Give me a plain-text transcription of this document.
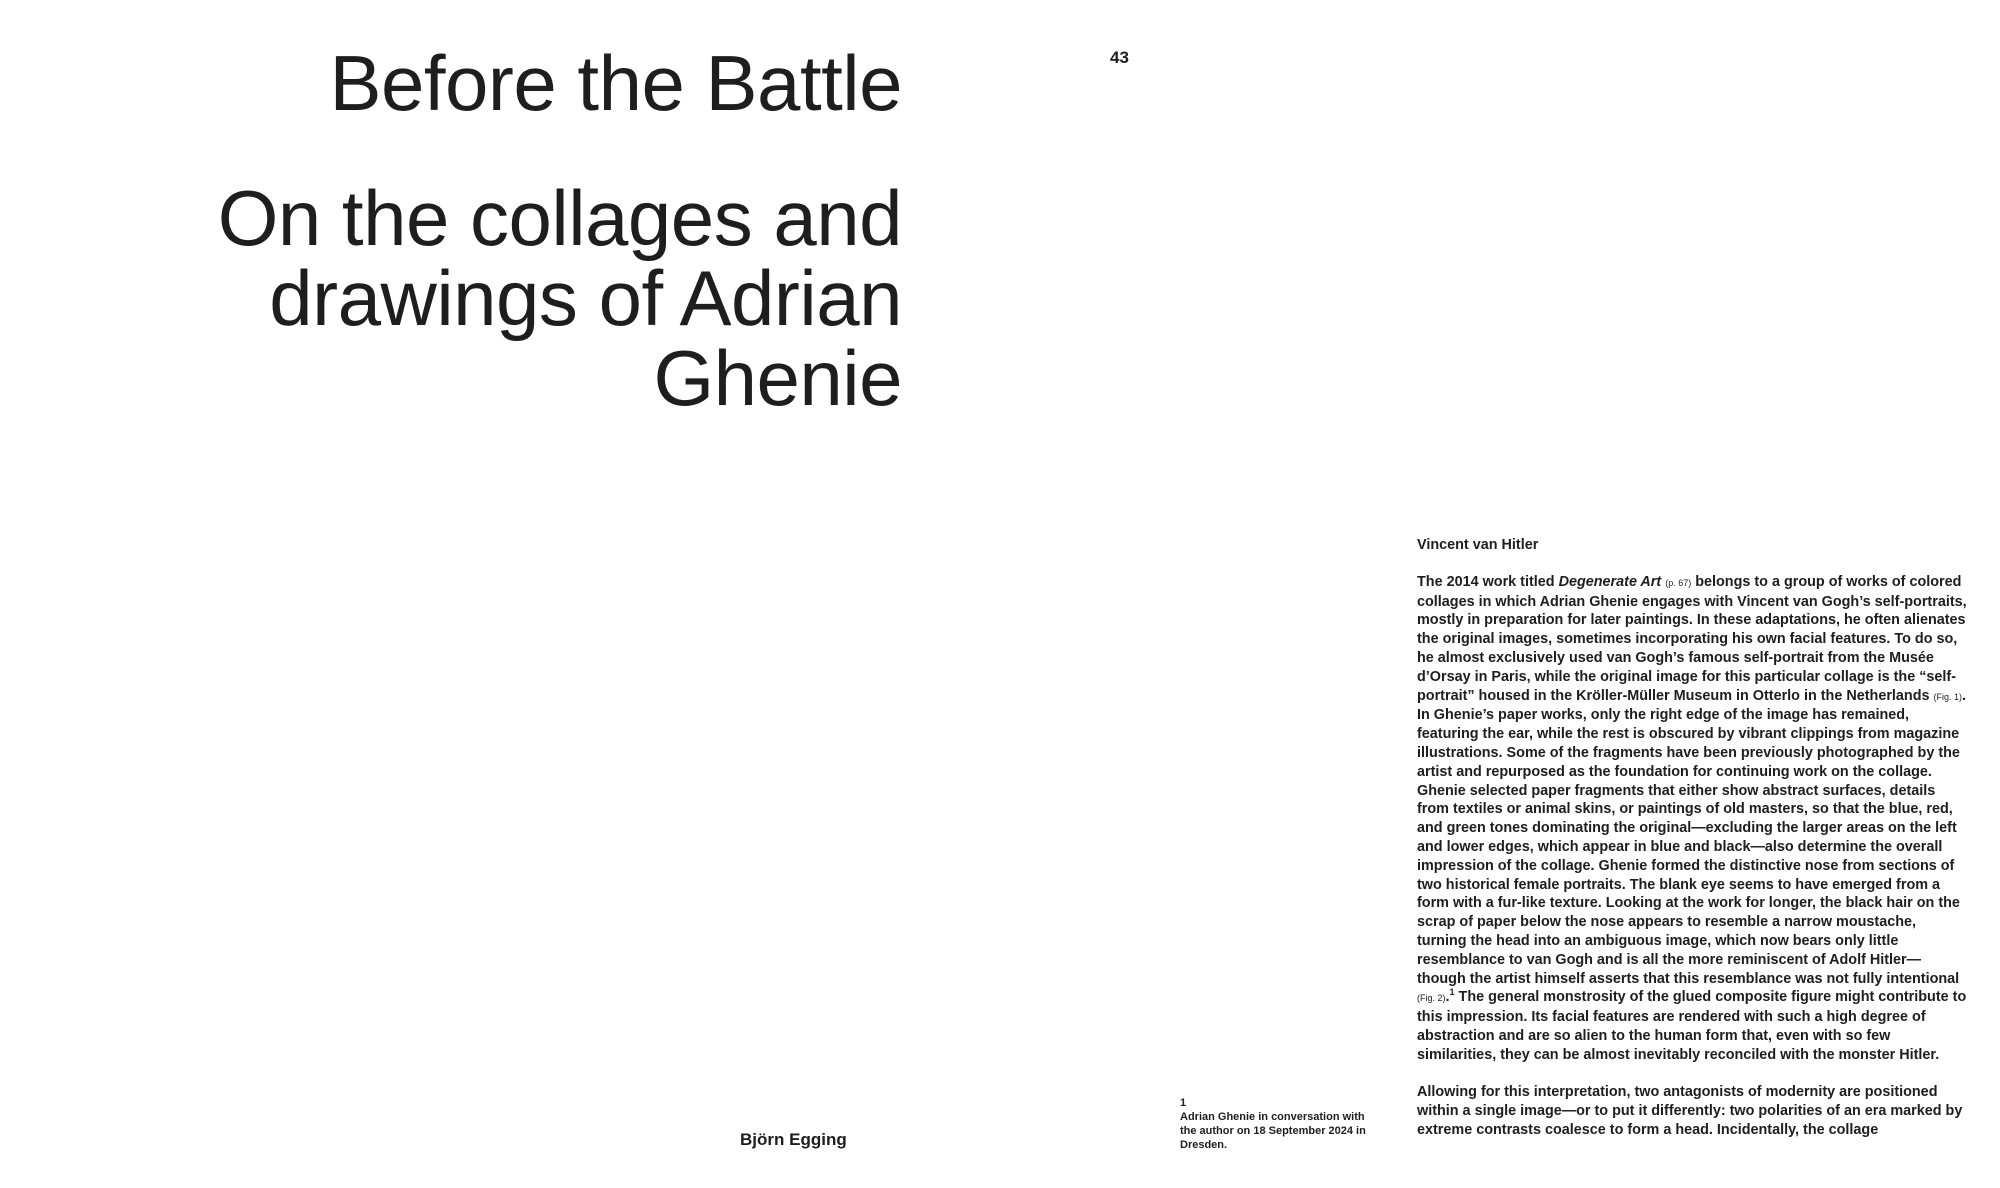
Before the Battle
On the collages and drawings of Adrian Ghenie
Björn Egging
43
1
Adrian Ghenie in conversation with the author on 18 September 2024 in Dresden.
Vincent van Hitler

The 2014 work titled Degenerate Art (p. 67) belongs to a group of works of colored collages in which Adrian Ghenie engages with Vincent van Gogh’s self-portraits, mostly in preparation for later paintings. In these adaptations, he often alienates the original images, sometimes incorporating his own facial features. To do so, he almost exclusively used van Gogh’s famous self-portrait from the Musée d’Orsay in Paris, while the original image for this particular collage is the “self-portrait” housed in the Kröller-Müller Museum in Otterlo in the Netherlands (Fig. 1). In Ghenie’s paper works, only the right edge of the image has remained, featuring the ear, while the rest is obscured by vibrant clippings from magazine illustrations. Some of the fragments have been previously photographed by the artist and repurposed as the foundation for continuing work on the collage. Ghenie selected paper fragments that either show abstract surfaces, details from textiles or animal skins, or paintings of old masters, so that the blue, red, and green tones dominating the original—excluding the larger areas on the left and lower edges, which appear in blue and black—also determine the overall impression of the collage. Ghenie formed the distinctive nose from sections of two historical female portraits. The blank eye seems to have emerged from a form with a fur-like texture. Looking at the work for longer, the black hair on the scrap of paper below the nose appears to resemble a narrow moustache, turning the head into an ambiguous image, which now bears only little resemblance to van Gogh and is all the more reminiscent of Adolf Hitler—though the artist himself asserts that this resemblance was not fully intentional (Fig. 2).$^1$ The general monstrosity of the glued composite figure might contribute to this impression. Its facial features are rendered with such a high degree of abstraction and are so alien to the human form that, even with so few similarities, they can be almost inevitably reconciled with the monster Hitler.

Allowing for this interpretation, two antagonists of modernity are positioned within a single image—or to put it differently: two polarities of an era marked by extreme contrasts coalesce to form a head. Incidentally, the collage
